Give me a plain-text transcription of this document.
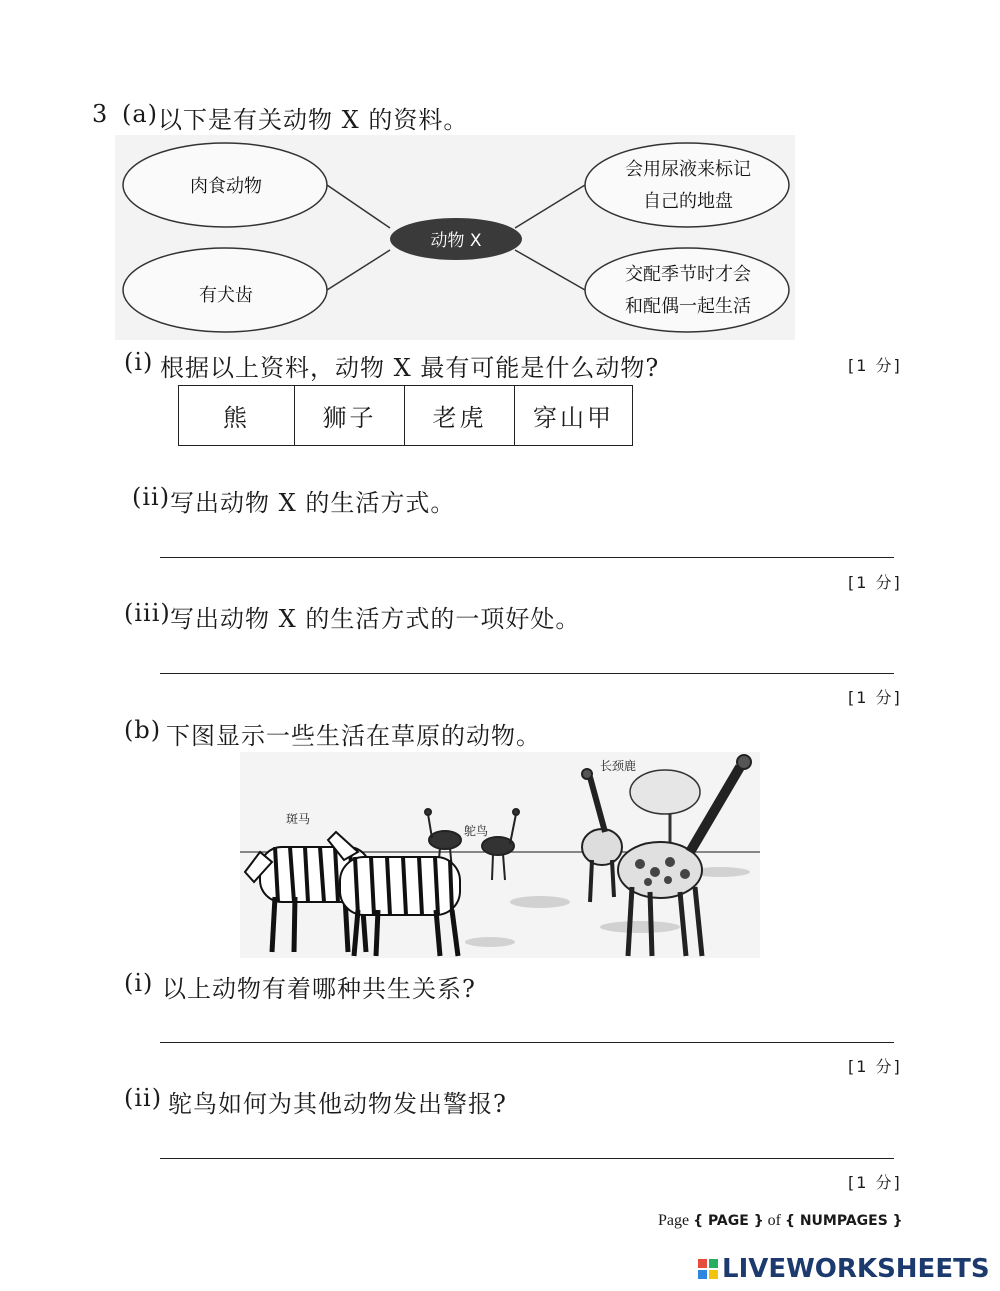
3 (a) 以下是有关动物 X 的资料。
肉食动物
有犬齿
会用尿液来标记
自己的地盘
交配季节时才会
和配偶一起生活
动物 X
(i) 根据以上资料，动物 X 最有可能是什么动物?	[1 分]
熊	狮子	老虎	穿山甲
(ii) 写出动物 X 的生活方式。
[1 分]
(iii) 写出动物 X 的生活方式的一项好处。
[1 分]
(b) 下图显示一些生活在草原的动物。
斑马
鸵鸟
长颈鹿
(i) 以上动物有着哪种共生关系?
[1 分]
(ii) 鸵鸟如何为其他动物发出警报?
[1 分]
Page { PAGE } of { NUMPAGES }
LIVEWORKSHEETS
